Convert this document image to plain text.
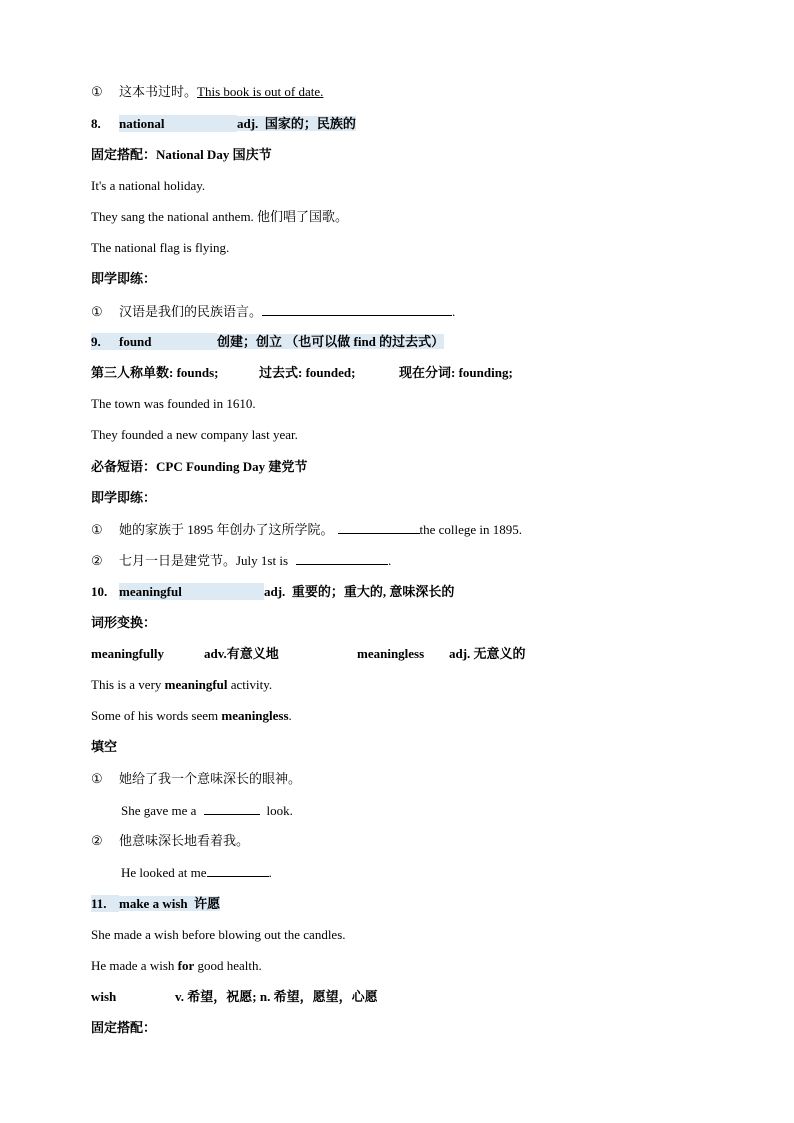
① 这本书过时。This book is out of date.
8. national	adj. 国家的；民族的
固定搭配：National Day 国庆节
It's a national holiday.
They sang the national anthem. 他们唱了国歌。
The national flag is flying.
即学即练：
① 汉语是我们的民族语言。	.
9. found	创建；创立 （也可以做 find 的过去式）
第三人称单数: founds;	过去式: founded;	现在分词: founding;
The town was founded in 1610.
They founded a new company last year.
必备短语：CPC Founding Day 建党节
即学即练：
① 她的家族于 1895 年创办了这所学院。	the college in 1895.
② 七月一日是建党节。July 1st is	.
10. meaningful	adj. 重要的；重大的, 意味深长的
词形变换：
meaningfully	adv.有意义地	meaningless adj. 无意义的
This is a very meaningful activity.
Some of his words seem meaningless.
填空
① 她给了我一个意味深长的眼神。
She gave me a	look.
② 他意味深长地看着我。
He looked at me	.
11. make a wish 许愿
She made a wish before blowing out the candles.
He made a wish for good health.
wish	v. 希望，祝愿; n. 希望，愿望，心愿
固定搭配：
